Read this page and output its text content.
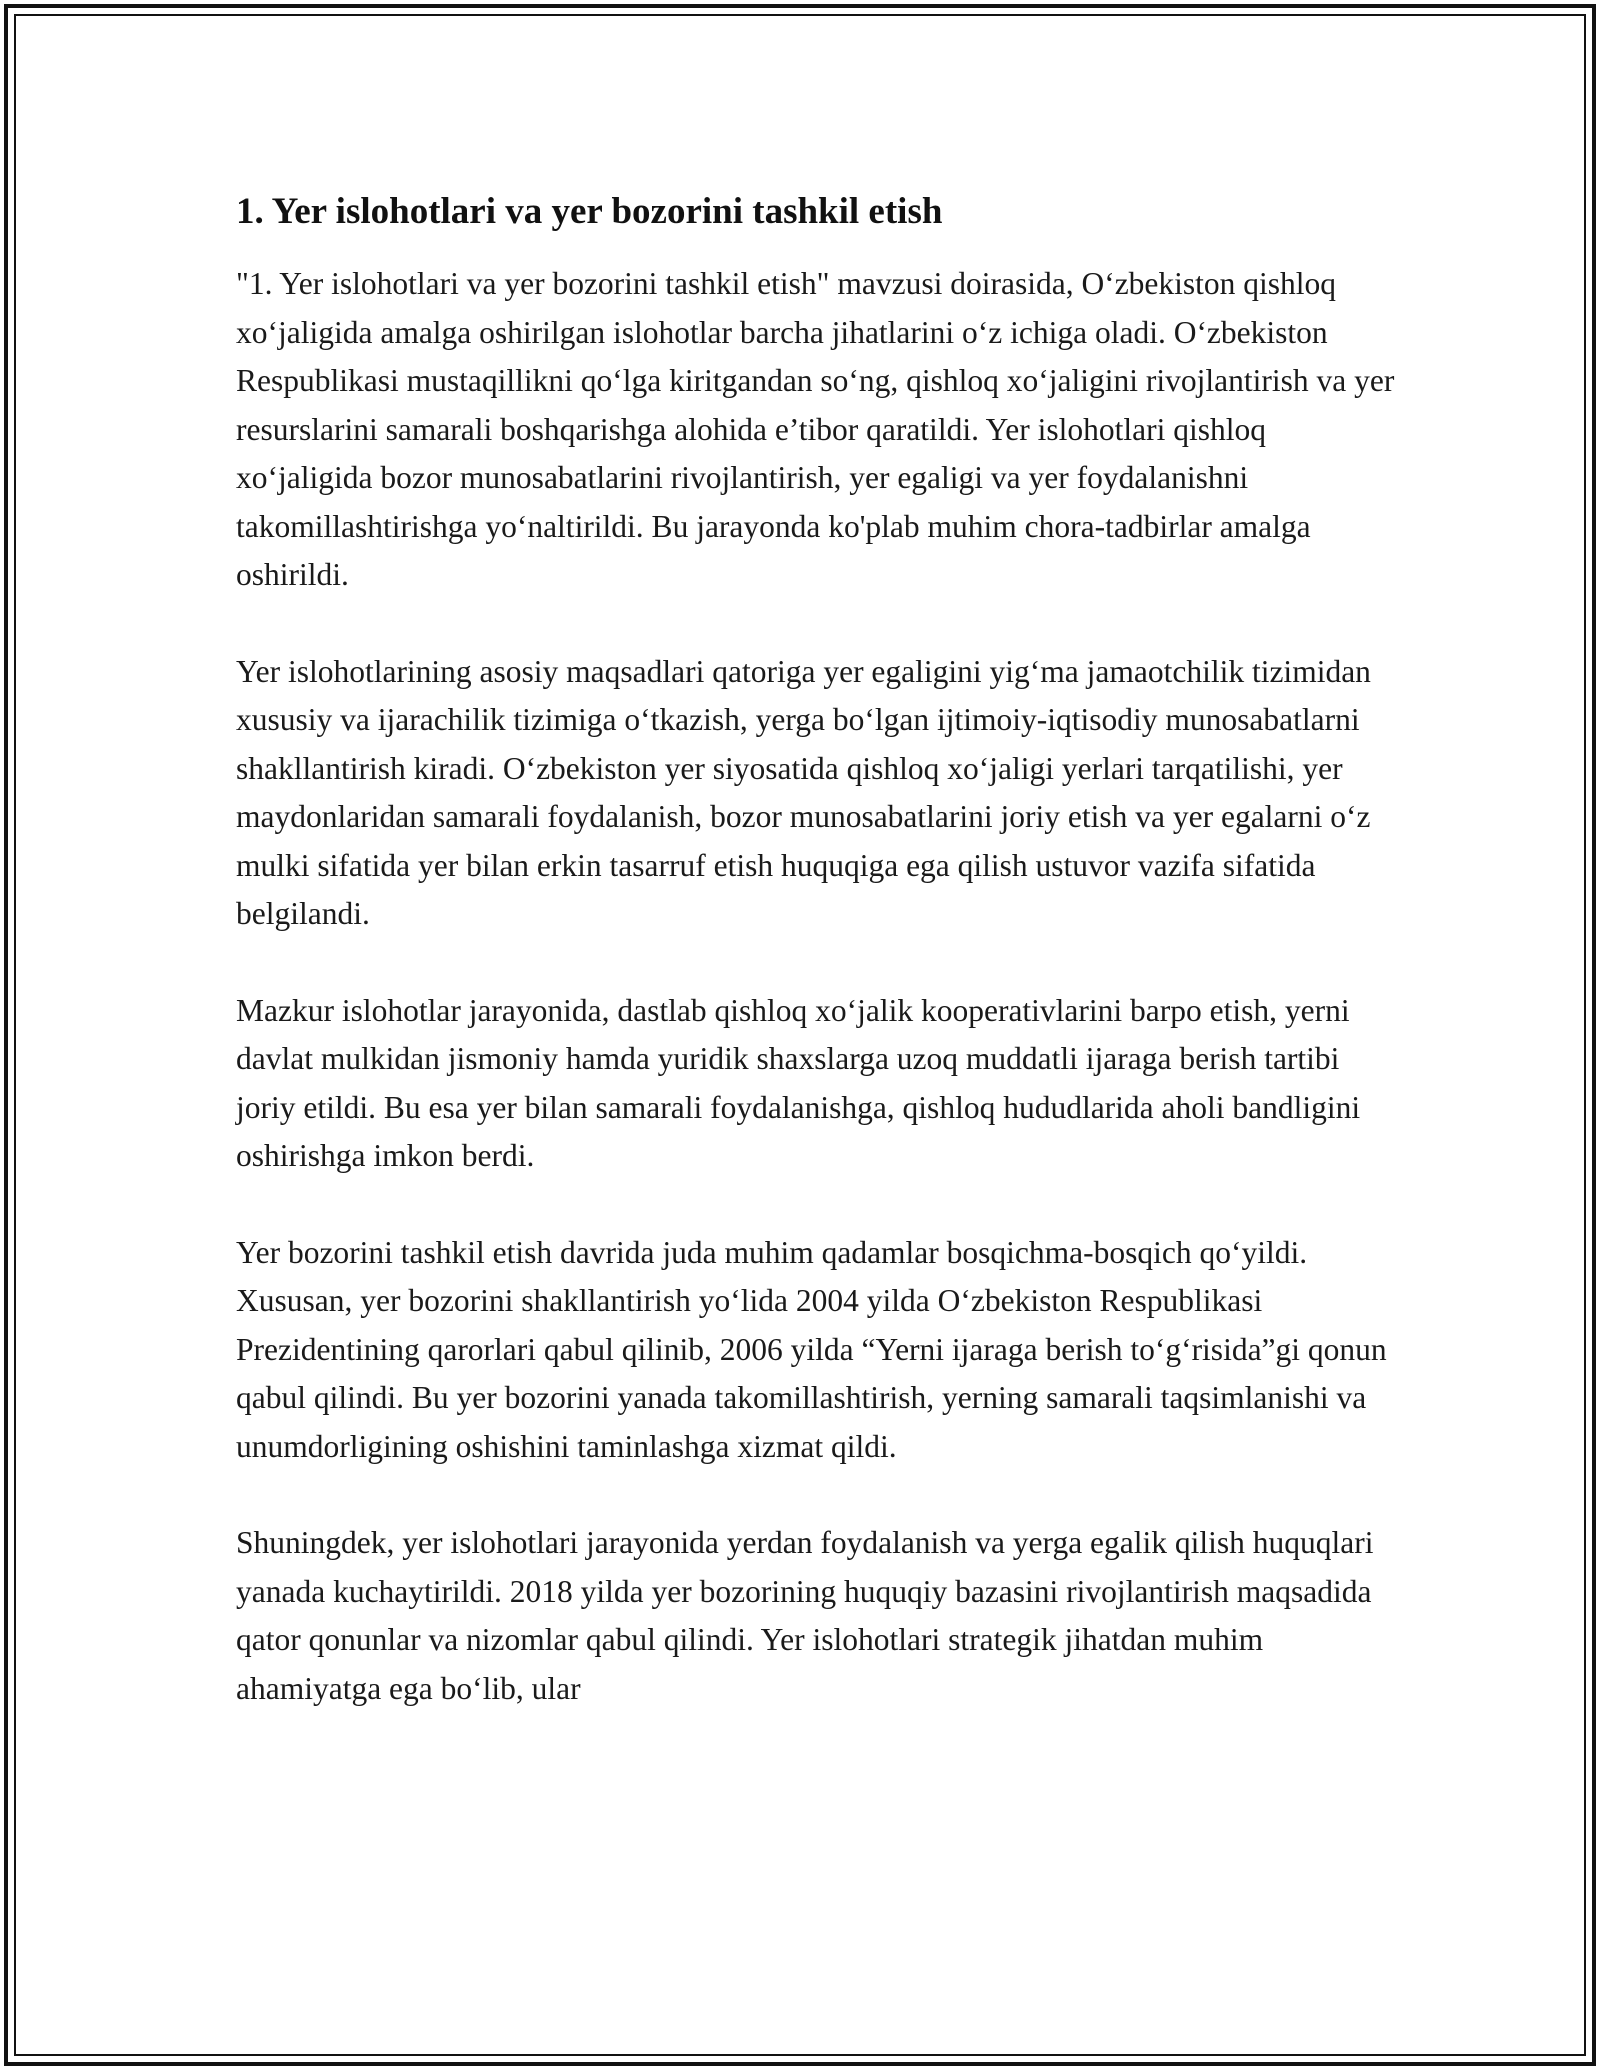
1. Yer islohotlari va yer bozorini tashkil etish

"1. Yer islohotlari va yer bozorini tashkil etish" mavzusi doirasida, O‘zbekiston qishloq xo‘jaligida amalga oshirilgan islohotlar barcha jihatlarini o‘z ichiga oladi. O‘zbekiston Respublikasi mustaqillikni qo‘lga kiritgandan so‘ng, qishloq xo‘jaligini rivojlantirish va yer resurslarini samarali boshqarishga alohida e’tibor qaratildi. Yer islohotlari qishloq xo‘jaligida bozor munosabatlarini rivojlantirish, yer egaligi va yer foydalanishni takomillashtirishga yo‘naltirildi. Bu jarayonda ko'plab muhim chora-tadbirlar amalga oshirildi.

Yer islohotlarining asosiy maqsadlari qatoriga yer egaligini yig‘ma jamaotchilik tizimidan xususiy va ijarachilik tizimiga o‘tkazish, yerga bo‘lgan ijtimoiy-iqtisodiy munosabatlarni shakllantirish kiradi. O‘zbekiston yer siyosatida qishloq xo‘jaligi yerlari tarqatilishi, yer maydonlaridan samarali foydalanish, bozor munosabatlarini joriy etish va yer egalarni o‘z mulki sifatida yer bilan erkin tasarruf etish huquqiga ega qilish ustuvor vazifa sifatida belgilandi.

Mazkur islohotlar jarayonida, dastlab qishloq xo‘jalik kooperativlarini barpo etish, yerni davlat mulkidan jismoniy hamda yuridik shaxslarga uzoq muddatli ijaraga berish tartibi joriy etildi. Bu esa yer bilan samarali foydalanishga, qishloq hududlarida aholi bandligini oshirishga imkon berdi.

Yer bozorini tashkil etish davrida juda muhim qadamlar bosqichma-bosqich qo‘yildi. Xususan, yer bozorini shakllantirish yo‘lida 2004 yilda O‘zbekiston Respublikasi Prezidentining qarorlari qabul qilinib, 2006 yilda “Yerni ijaraga berish to‘g‘risida”gi qonun qabul qilindi. Bu yer bozorini yanada takomillashtirish, yerning samarali taqsimlanishi va unumdorligining oshishini taminlashga xizmat qildi.

Shuningdek, yer islohotlari jarayonida yerdan foydalanish va yerga egalik qilish huquqlari yanada kuchaytirildi. 2018 yilda yer bozorining huquqiy bazasini rivojlantirish maqsadida qator qonunlar va nizomlar qabul qilindi. Yer islohotlari strategik jihatdan muhim ahamiyatga ega bo‘lib, ular
